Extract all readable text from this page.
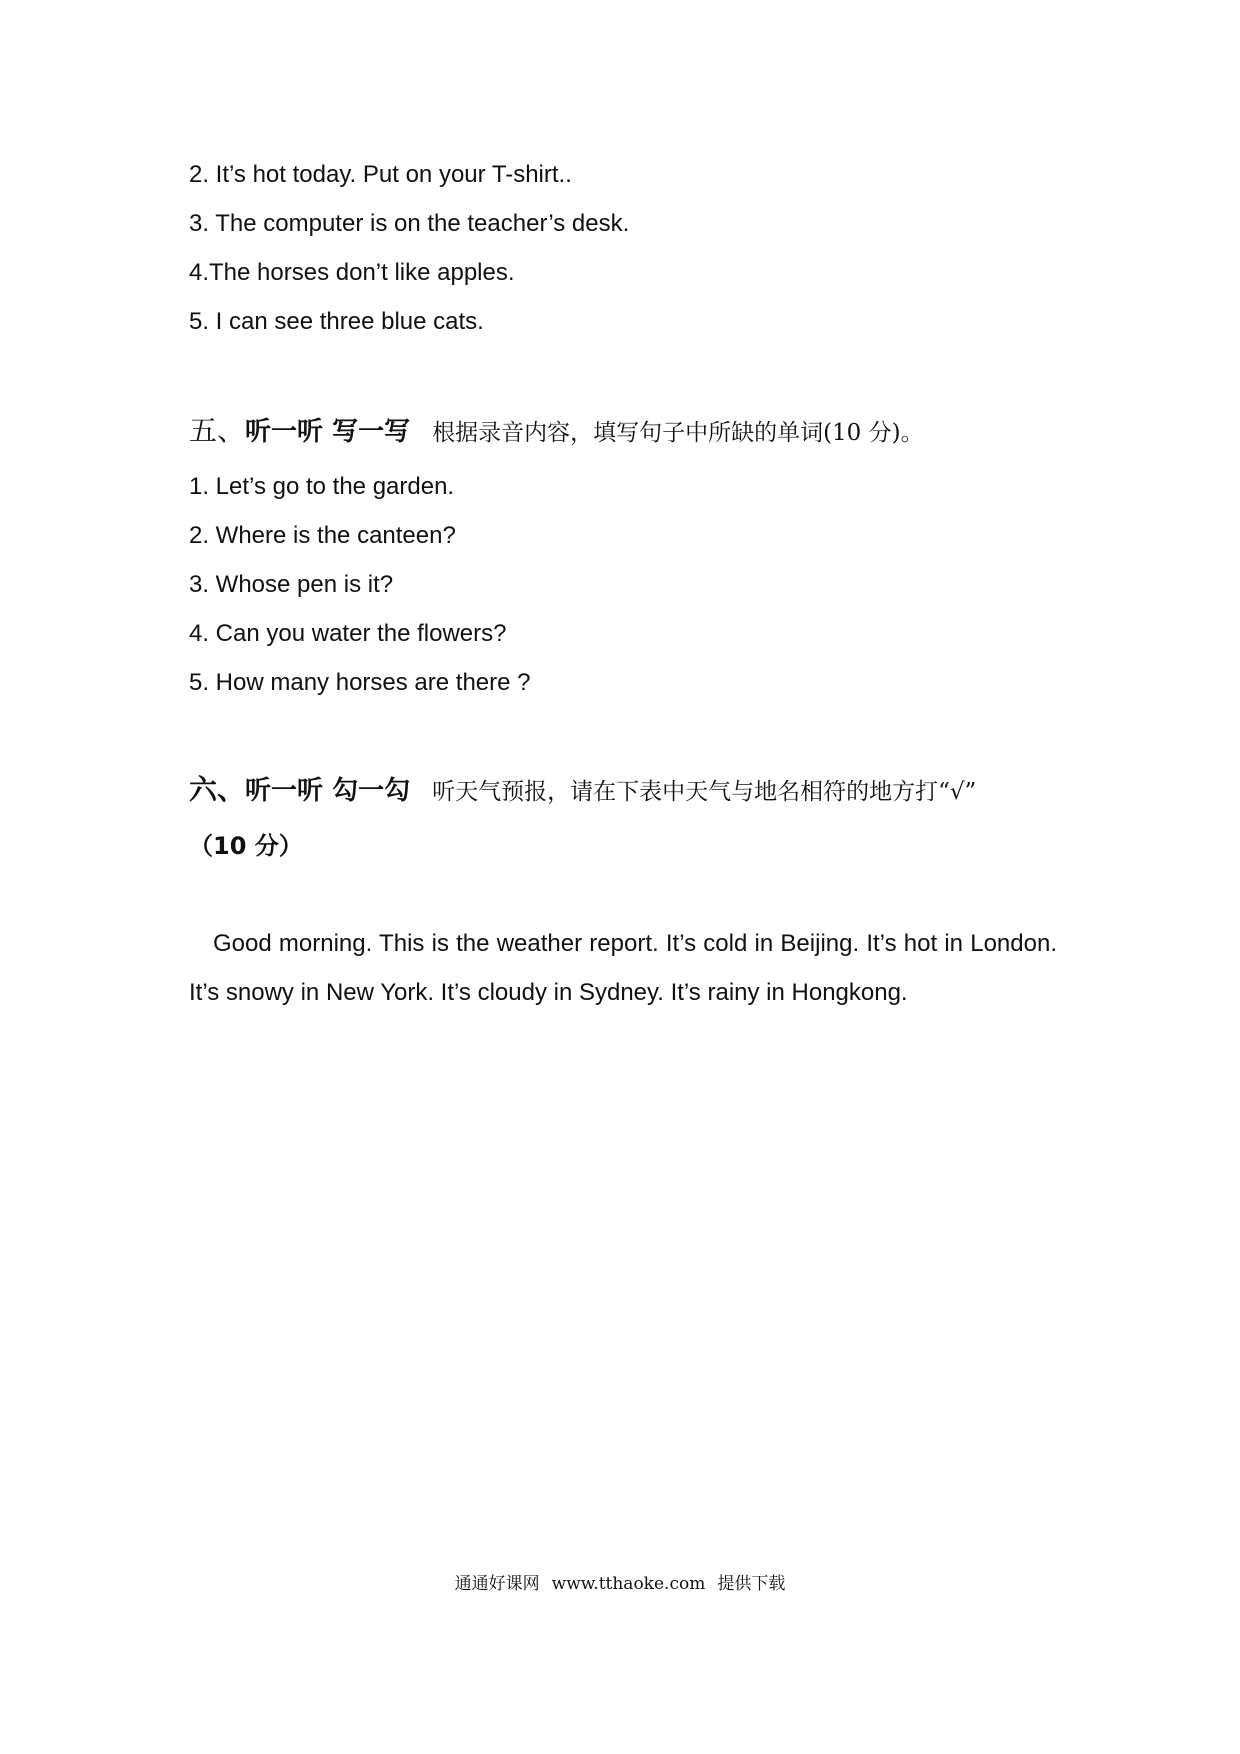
2. It’s hot today. Put on your T-shirt..
3. The computer is on the teacher’s desk.
4.The horses don’t like apples.
5. I can see three blue cats.
五、听一听 写一写 根据录音内容，填写句子中所缺的单词(10 分)。
1. Let’s go to the garden.
2. Where is the canteen?
3. Whose pen is it?
4. Can you water the flowers?
5. How many horses are there ?
六、听一听 勾一勾 听天气预报，请在下表中天气与地名相符的地方打“√”
（10 分）
Good morning. This is the weather report. It’s cold in Beijing. It’s hot in London. It’s snowy in New York. It’s cloudy in Sydney. It’s rainy in Hongkong.
通通好课网 www.tthaoke.com 提供下载
